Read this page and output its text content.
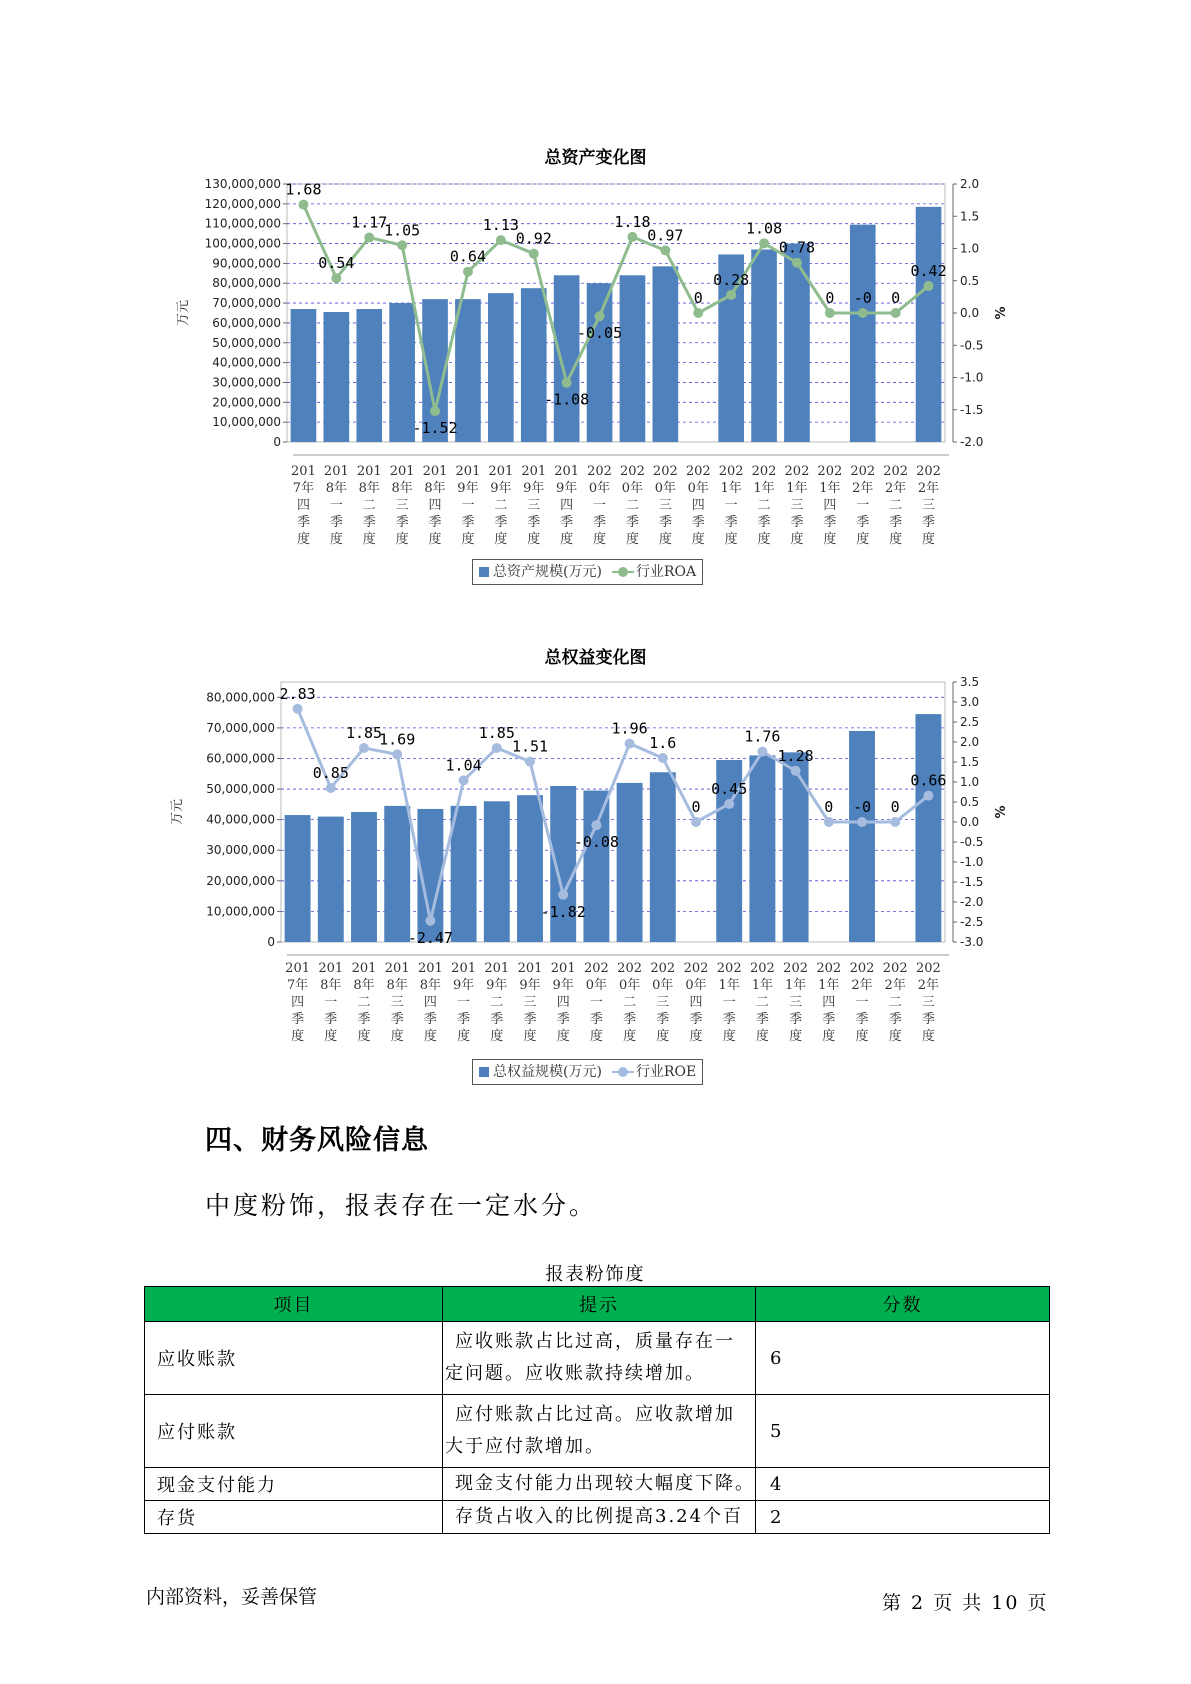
总资产变化图
0
10,000,000
20,000,000
30,000,000
40,000,000
50,000,000
60,000,000
70,000,000
80,000,000
90,000,000
100,000,000
110,000,000
120,000,000
130,000,000
-2.0
-1.5
-1.0
-0.5
0.0
0.5
1.0
1.5
2.0
万元	%
201
7年
四
季
度
201
8年
一
季
度
201
8年
二
季
度
201
8年
三
季
度
201
8年
四
季
度
201
9年
一
季
度
201
9年
二
季
度
201
9年
三
季
度
201
9年
四
季
度
202
0年
一
季
度
202
0年
二
季
度
202
0年
三
季
度
202
0年
四
季
度
202
1年
一
季
度
202
1年
二
季
度
202
1年
三
季
度
202
1年
四
季
度
202
2年
一
季
度
202
2年
二
季
度
202
2年
三
季
度
1.68
0.54
1.17
1.05
-1.52
0.64
1.13
0.92
-1.08
-0.05
1.18
0.97
0
0.28
1.08
0.78
0 -0 0
0.42
总资产规模(万元) 行业ROA
总权益变化图
0
10,000,000
20,000,000
30,000,000
40,000,000
50,000,000
60,000,000
70,000,000
80,000,000
-3.0
-2.5
-2.0
-1.5
-1.0
-0.5
0.0
0.5
1.0
1.5
2.0
2.5
3.0
3.5
万元	%
201
7年
四
季
度
201
8年
一
季
度
201
8年
二
季
度
201
8年
三
季
度
201
8年
四
季
度
201
9年
一
季
度
201
9年
二
季
度
201
9年
三
季
度
201
9年
四
季
度
202
0年
一
季
度
202
0年
二
季
度
202
0年
三
季
度
202
0年
四
季
度
202
1年
一
季
度
202
1年
二
季
度
202
1年
三
季
度
202
1年
四
季
度
202
2年
一
季
度
202
2年
二
季
度
202
2年
三
季
度
2.83
0.85
1.85
1.69
-2.47
1.04
1.85
1.51
-1.82
-0.08
1.96
1.6
0
0.45
1.76
1.28
0 -0 0
0.66
总权益规模(万元) 行业ROE
四、财务风险信息
中度粉饰，报表存在一定水分。
报表粉饰度
项目	提示	分数
应收账款	应收账款占比过高，质量存在一定问题。应收账款持续增加。	6
应付账款	应付账款占比过高。应收款增加大于应付款增加。	5
现金支付能力	现金支付能力出现较大幅度下降。	4
存货	存货占收入的比例提高3.24个百	2
内部资料，妥善保管	第 2 页 共 10 页
